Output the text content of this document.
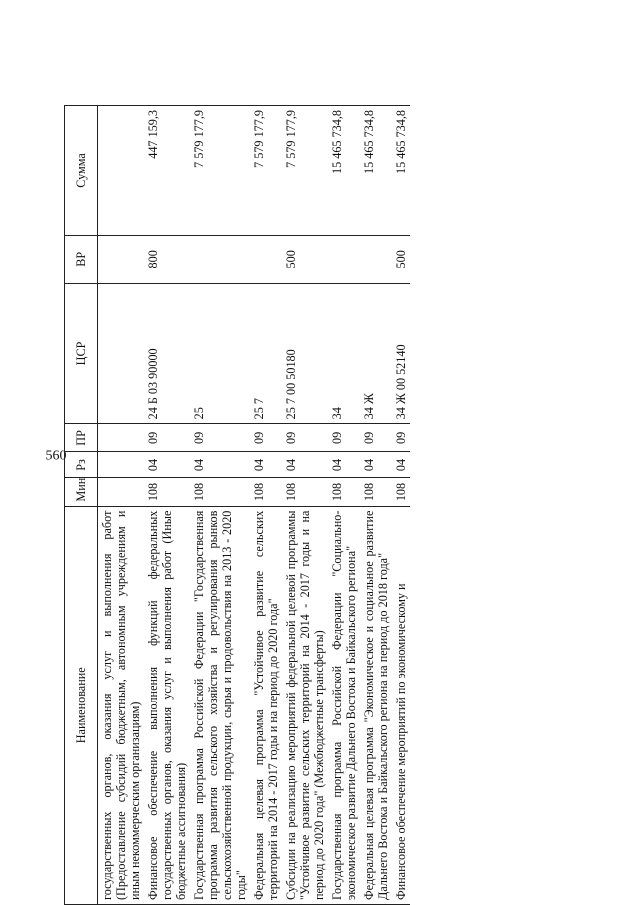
560
Наименование	Мин	Рз	ПР	ЦСР	ВР	Сумма
государственных органов, оказания услуг и выполнения работ (Предоставление субсидий бюджетным, автономным учреждениям и иным некоммерческим организациям)						
Финансовое обеспечение выполнения функций федеральных государственных органов, оказания услуг и выполнения работ (Иные бюджетные ассигнования)	108	04	09	24 Б 03 90000	800	447 159,3
Государственная программа Российской Федерации "Государственная программа развития сельского хозяйства и регулирования рынков сельскохозяйственной продукции, сырья и продовольствия на 2013 - 2020 годы"	108	04	09	25		7 579 177,9
Федеральная целевая программа "Устойчивое развитие сельских территорий на 2014 - 2017 годы и на период до 2020 года"	108	04	09	25 7		7 579 177,9
Субсидии на реализацию мероприятий федеральной целевой программы "Устойчивое развитие сельских территорий на 2014 - 2017 годы и на период до 2020 года" (Межбюджетные трансферты)	108	04	09	25 7 00 50180	500	7 579 177,9
Государственная программа Российской Федерации "Социально-экономическое развитие Дальнего Востока и Байкальского региона"	108	04	09	34		15 465 734,8
Федеральная целевая программа "Экономическое и социальное развитие Дальнего Востока и Байкальского региона на период до 2018 года"	108	04	09	34 Ж		15 465 734,8
Финансовое обеспечение мероприятий по экономическому и	108	04	09	34 Ж 00 52140	500	15 465 734,8
